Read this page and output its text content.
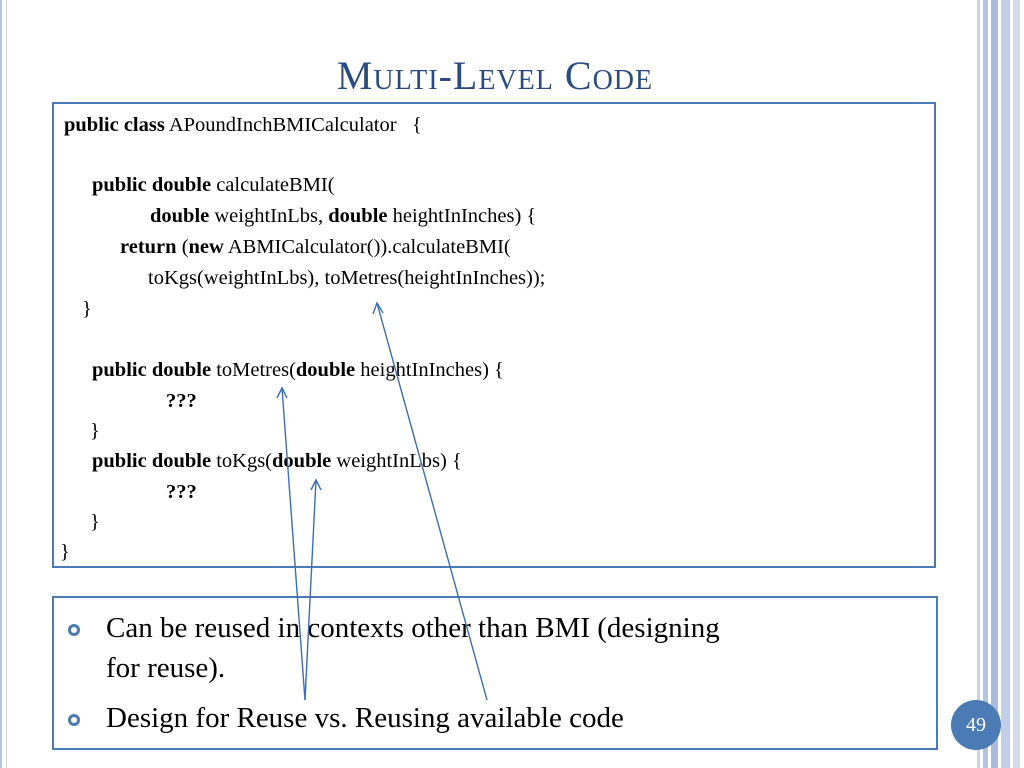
Multi-Level Code
public class APoundInchBMICalculator   {
public double calculateBMI(
double weightInLbs, double heightInInches) {
return (new ABMICalculator()).calculateBMI(
toKgs(weightInLbs), toMetres(heightInInches));
}
public double toMetres(double heightInInches) {
???
}
public double toKgs(double weightInLbs) {
???
}
}
Can be reused in contexts other than BMI (designing
for reuse).
Design for Reuse vs. Reusing available code	49
